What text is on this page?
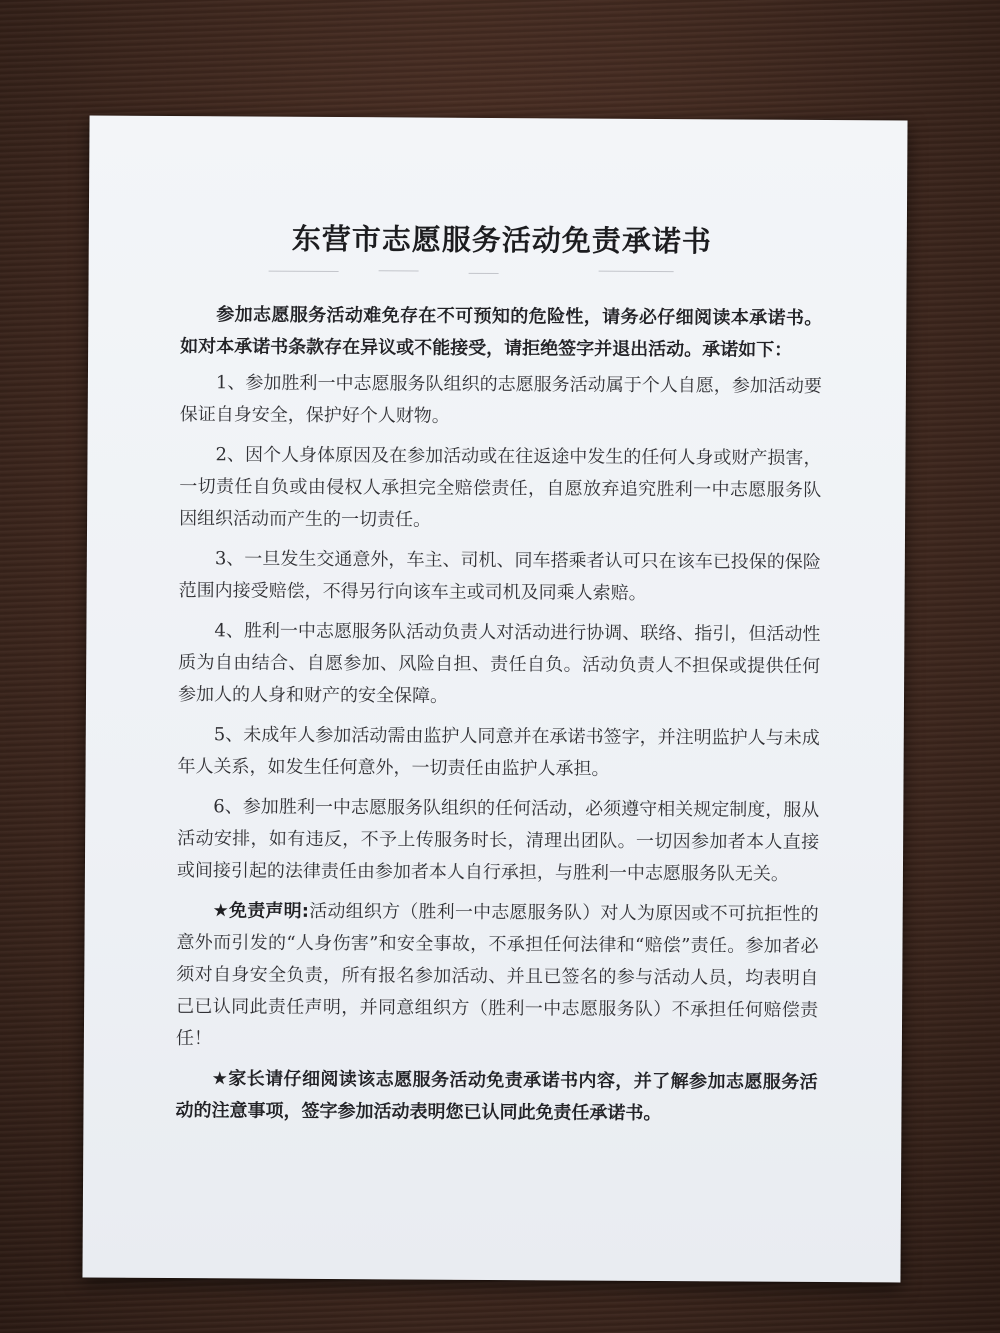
东营市志愿服务活动免责承诺书

参加志愿服务活动难免存在不可预知的危险性，请务必仔细阅读本承诺书。如对本承诺书条款存在异议或不能接受，请拒绝签字并退出活动。承诺如下：

1、参加胜利一中志愿服务队组织的志愿服务活动属于个人自愿，参加活动要保证自身安全，保护好个人财物。

2、因个人身体原因及在参加活动或在往返途中发生的任何人身或财产损害，一切责任自负或由侵权人承担完全赔偿责任，自愿放弃追究胜利一中志愿服务队因组织活动而产生的一切责任。

3、一旦发生交通意外，车主、司机、同车搭乘者认可只在该车已投保的保险范围内接受赔偿，不得另行向该车主或司机及同乘人索赔。

4、胜利一中志愿服务队活动负责人对活动进行协调、联络、指引，但活动性质为自由结合、自愿参加、风险自担、责任自负。活动负责人不担保或提供任何参加人的人身和财产的安全保障。

5、未成年人参加活动需由监护人同意并在承诺书签字，并注明监护人与未成年人关系，如发生任何意外，一切责任由监护人承担。

6、参加胜利一中志愿服务队组织的任何活动，必须遵守相关规定制度，服从活动安排，如有违反，不予上传服务时长，清理出团队。一切因参加者本人直接或间接引起的法律责任由参加者本人自行承担，与胜利一中志愿服务队无关。

★免责声明:活动组织方（胜利一中志愿服务队）对人为原因或不可抗拒性的意外而引发的“人身伤害”和安全事故，不承担任何法律和“赔偿”责任。参加者必须对自身安全负责，所有报名参加活动、并且已签名的参与活动人员，均表明自己已认同此责任声明，并同意组织方（胜利一中志愿服务队）不承担任何赔偿责任！

★家长请仔细阅读该志愿服务活动免责承诺书内容，并了解参加志愿服务活动的注意事项，签字参加活动表明您已认同此免责任承诺书。
